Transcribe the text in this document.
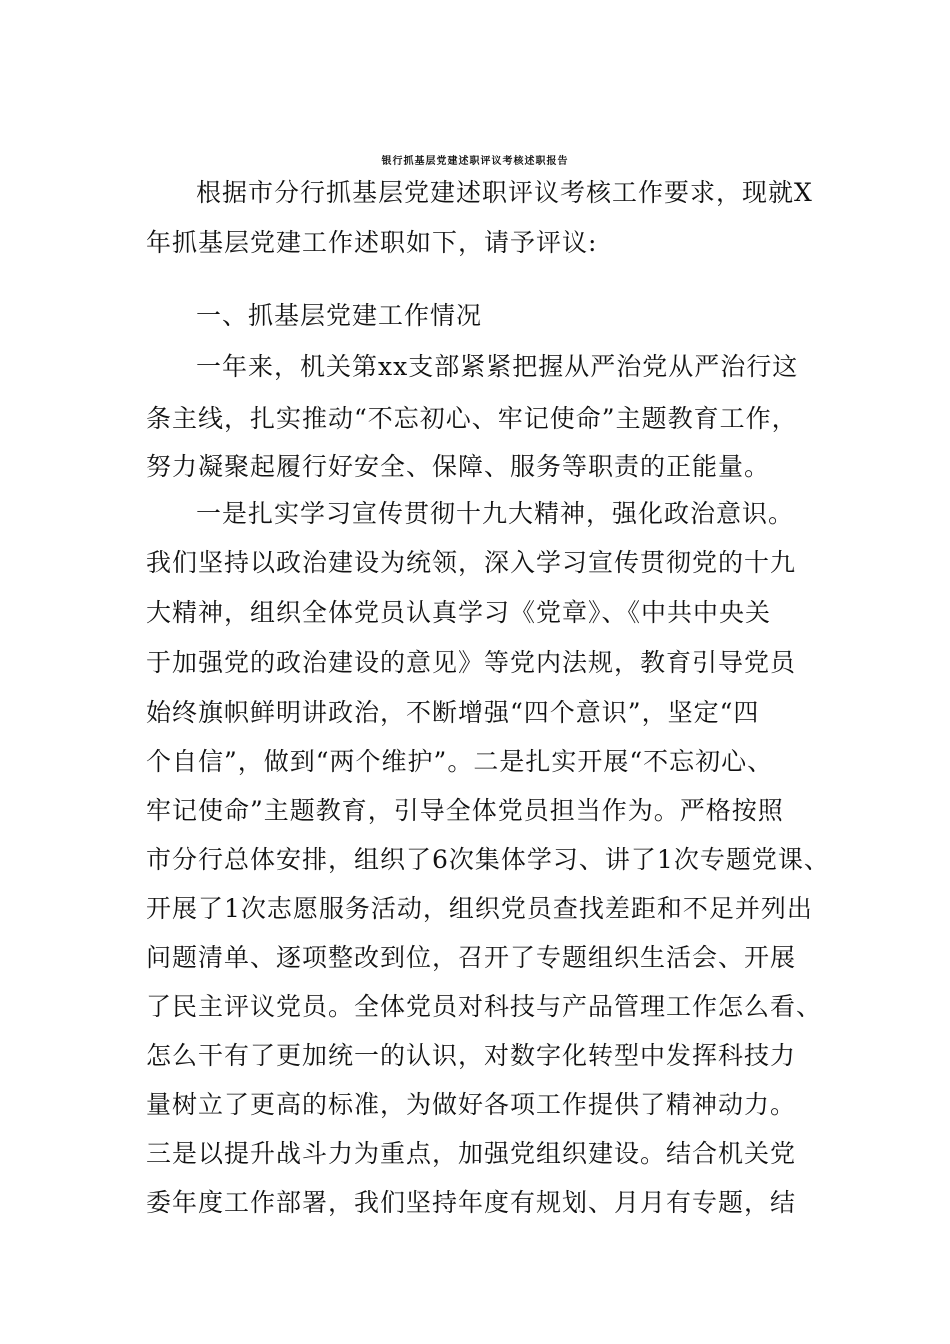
银行抓基层党建述职评议考核述职报告
根据市分行抓基层党建述职评议考核工作要求，现就X
年抓基层党建工作述职如下，请予评议:
一、抓基层党建工作情况
一年来，机关第xx支部紧紧把握从严治党从严治行这
条主线，扎实推动“不忘初心、牢记使命”主题教育工作，
努力凝聚起履行好安全、保障、服务等职责的正能量。
一是扎实学习宣传贯彻十九大精神，强化政治意识。
我们坚持以政治建设为统领，深入学习宣传贯彻党的十九
大精神，组织全体党员认真学习《党章》、《中共中央关
于加强党的政治建设的意见》等党内法规，教育引导党员
始终旗帜鲜明讲政治，不断增强“四个意识”，坚定“四
个自信”，做到“两个维护”。二是扎实开展“不忘初心、
牢记使命”主题教育，引导全体党员担当作为。严格按照
市分行总体安排，组织了6次集体学习、讲了1次专题党课、
开展了1次志愿服务活动，组织党员查找差距和不足并列出
问题清单、逐项整改到位，召开了专题组织生活会、开展
了民主评议党员。全体党员对科技与产品管理工作怎么看、
怎么干有了更加统一的认识，对数字化转型中发挥科技力
量树立了更高的标准，为做好各项工作提供了精神动力。
三是以提升战斗力为重点，加强党组织建设。结合机关党
委年度工作部署，我们坚持年度有规划、月月有专题，结
